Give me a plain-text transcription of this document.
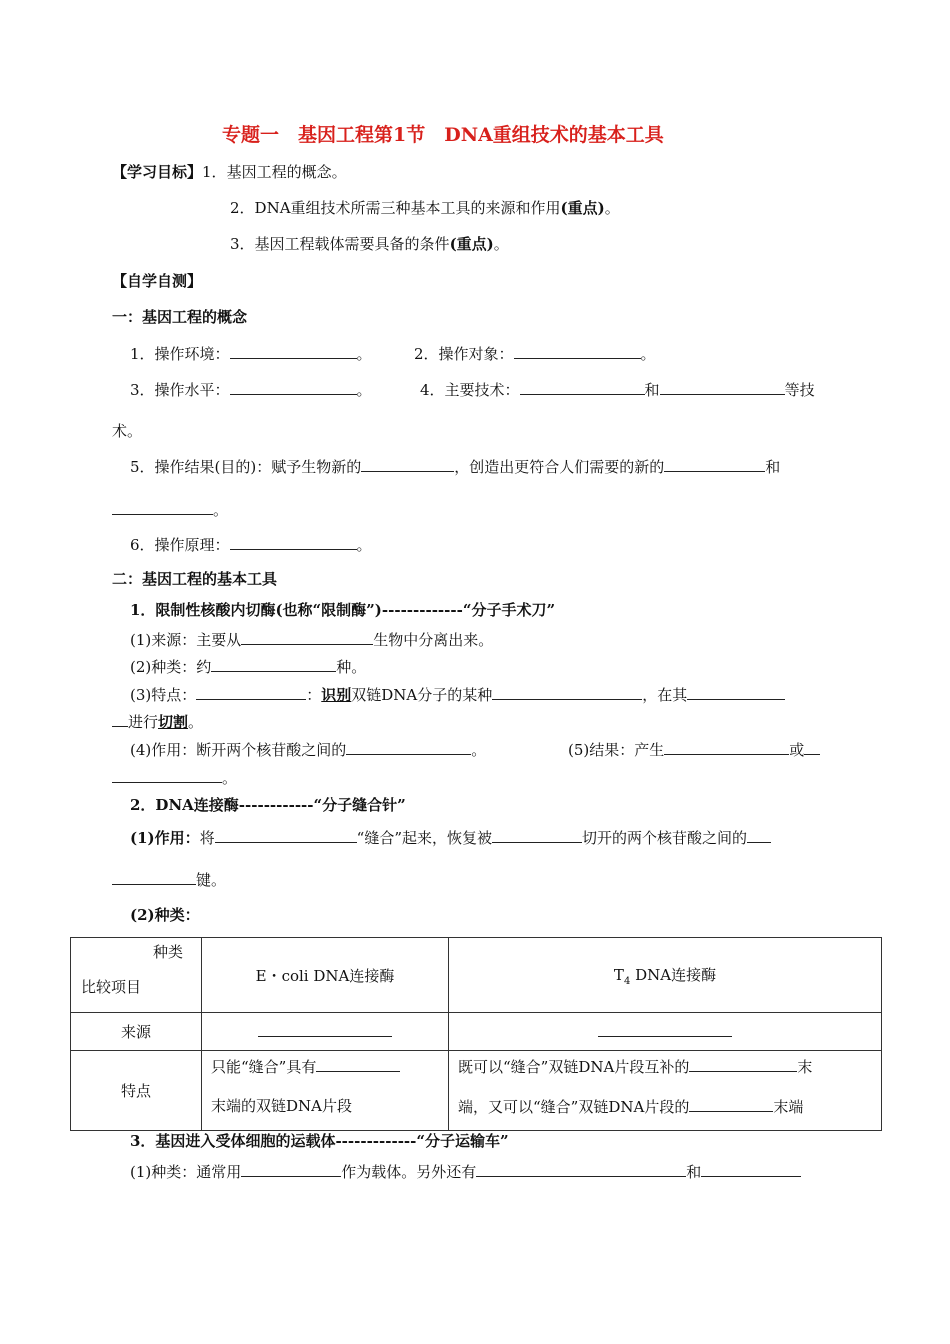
专题一　基因工程第1节　DNA重组技术的基本工具
【学习目标】1．基因工程的概念。
2．DNA重组技术所需三种基本工具的来源和作用(重点)。
3．基因工程载体需要具备的条件(重点)。
【自学自测】
一：基因工程的概念
1．操作环境：	。	2．操作对象：	。
3．操作水平：	。	4．主要技术：	和	等技
术。
5．操作结果(目的)：赋予生物新的	，创造出更符合人们需要的新的	和
。
6．操作原理：	。
二：基因工程的基本工具
1．限制性核酸内切酶(也称“限制酶”)-------------“分子手术刀”
(1)来源：主要从	生物中分离出来。
(2)种类：约	种。
(3)特点：	：识别双链DNA分子的某种	，在其
进行切割。
(4)作用：断开两个核苷酸之间的	。	(5)结果：产生	或
。
2．DNA连接酶------------“分子缝合针”
(1)作用：将	“缝合”起来，恢复被	切开的两个核苷酸之间的
键。
(2)种类：
种类
比较项目	E・coli DNA连接酶	$T_4$ DNA连接酶
来源		
特点	只能“缝合”具有
末端的双链DNA片段	既可以“缝合”双链DNA片段互补的 末
端，又可以“缝合”双链DNA片段的 末端
3．基因进入受体细胞的运载体-------------“分子运输车”
(1)种类：通常用	作为载体。另外还有	和
